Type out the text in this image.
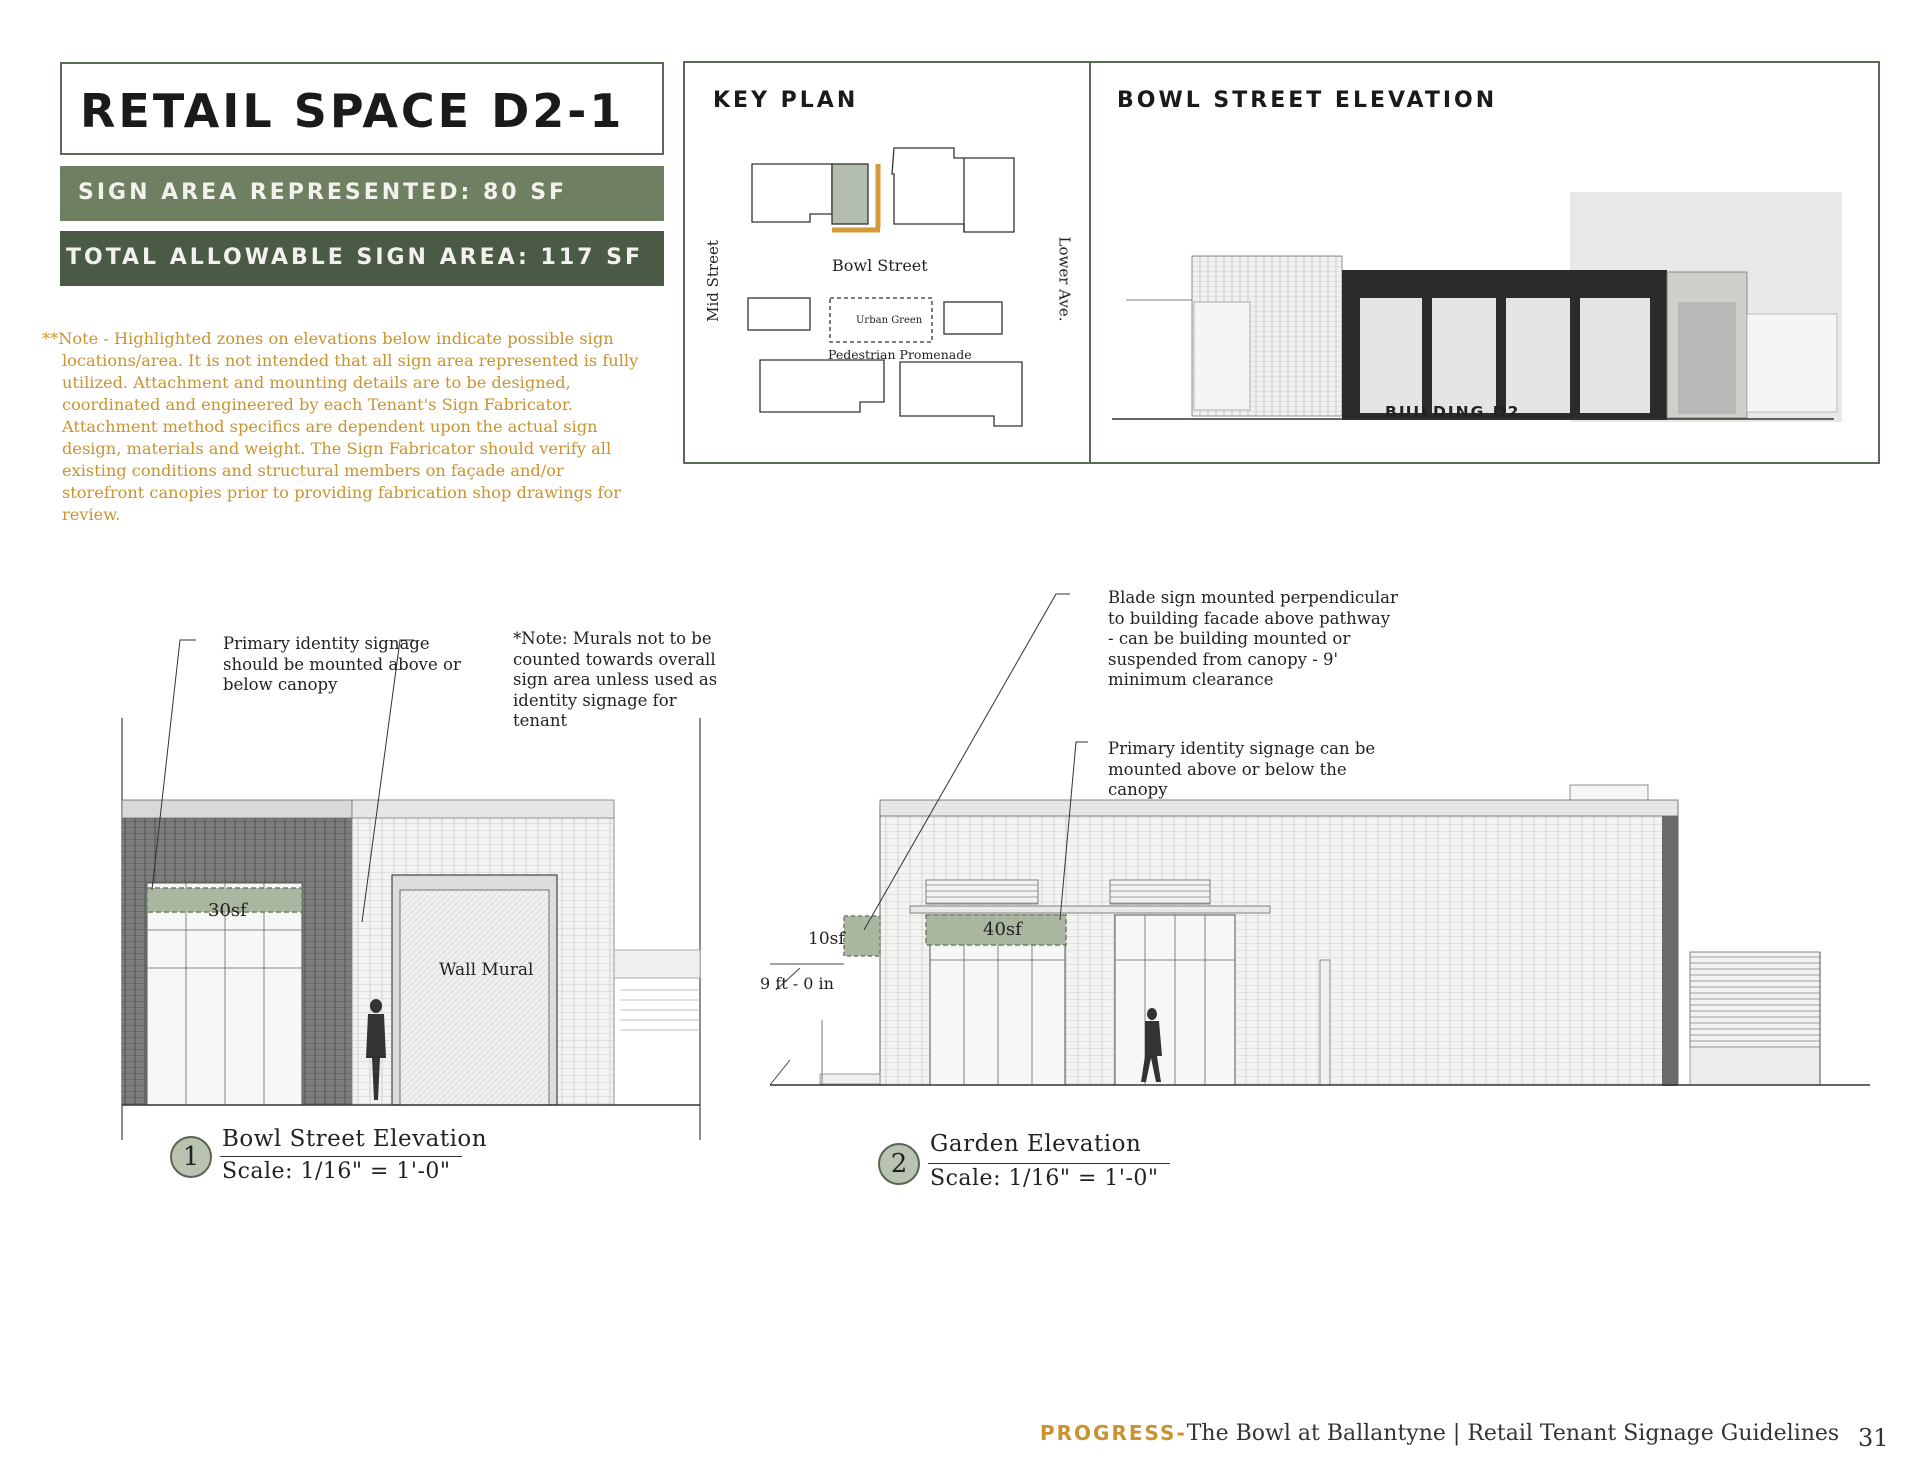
RETAIL SPACE D2-1
SIGN AREA REPRESENTED: 80 SF
TOTAL ALLOWABLE SIGN AREA: 117 SF

**Note - Highlighted zones on elevations below indicate possible sign locations/area. It is not intended that all sign area represented is fully utilized. Attachment and mounting details are to be designed, coordinated and engineered by each Tenant's Sign Fabricator. Attachment method specifics are dependent upon the actual sign design, materials and weight. The Sign Fabricator should verify all existing conditions and structural members on façade and/or storefront canopies prior to providing fabrication shop drawings for review.

KEY PLAN	BOWL STREET ELEVATION
Bowl Street
Urban Green
Pedestrian Promenade
Mid Street	Lower Ave.
BUILDING D2
30sf
Wall Mural
Primary identity signage should be mounted above or below canopy
*Note: Murals not to be counted towards overall sign area unless used as identity signage for tenant
1
Bowl Street Elevation
Scale: 1/16" = 1'-0"
10sf	40sf
9 ft - 0 in
Blade sign mounted perpendicular to building facade above pathway - can be building mounted or suspended from canopy - 9' minimum clearance
Primary identity signage can be mounted above or below the canopy
2
Garden Elevation
Scale: 1/16" = 1'-0"
PROGRESS-The Bowl at Ballantyne | Retail Tenant Signage Guidelines 31
